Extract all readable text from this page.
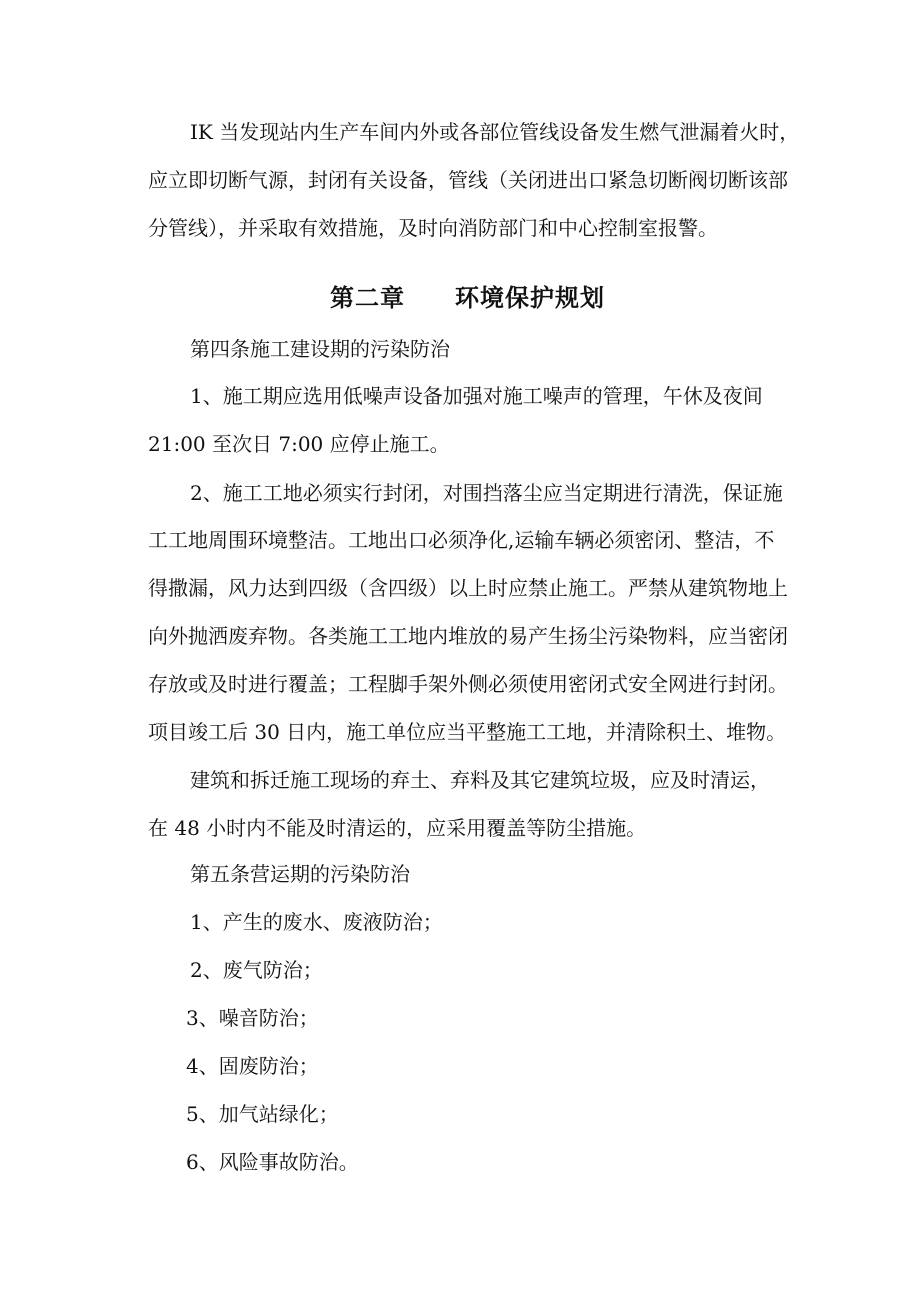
IK 当发现站内生产车间内外或各部位管线设备发生燃气泄漏着火时，

应立即切断气源，封闭有关设备，管线（关闭进出口紧急切断阀切断该部

分管线），并采取有效措施，及时向消防部门和中心控制室报警。

第二章 环境保护规划

第四条施工建设期的污染防治

1、施工期应选用低噪声设备加强对施工噪声的管理，午休及夜间

21:00 至次日 7:00 应停止施工。

2、施工工地必须实行封闭，对围挡落尘应当定期进行清洗，保证施

工工地周围环境整洁。工地出口必须净化,运输车辆必须密闭、整洁，不

得撒漏，风力达到四级（含四级）以上时应禁止施工。严禁从建筑物地上

向外抛洒废弃物。各类施工工地内堆放的易产生扬尘污染物料，应当密闭

存放或及时进行覆盖；工程脚手架外侧必须使用密闭式安全网进行封闭。

项目竣工后 30 日内，施工单位应当平整施工工地，并清除积土、堆物。

建筑和拆迁施工现场的弃土、弃料及其它建筑垃圾，应及时清运，

在 48 小时内不能及时清运的，应采用覆盖等防尘措施。

第五条营运期的污染防治

1、产生的废水、废液防治；

2、废气防治；

3、噪音防治；

4、固废防治；

5、加气站绿化；

6、风险事故防治。
